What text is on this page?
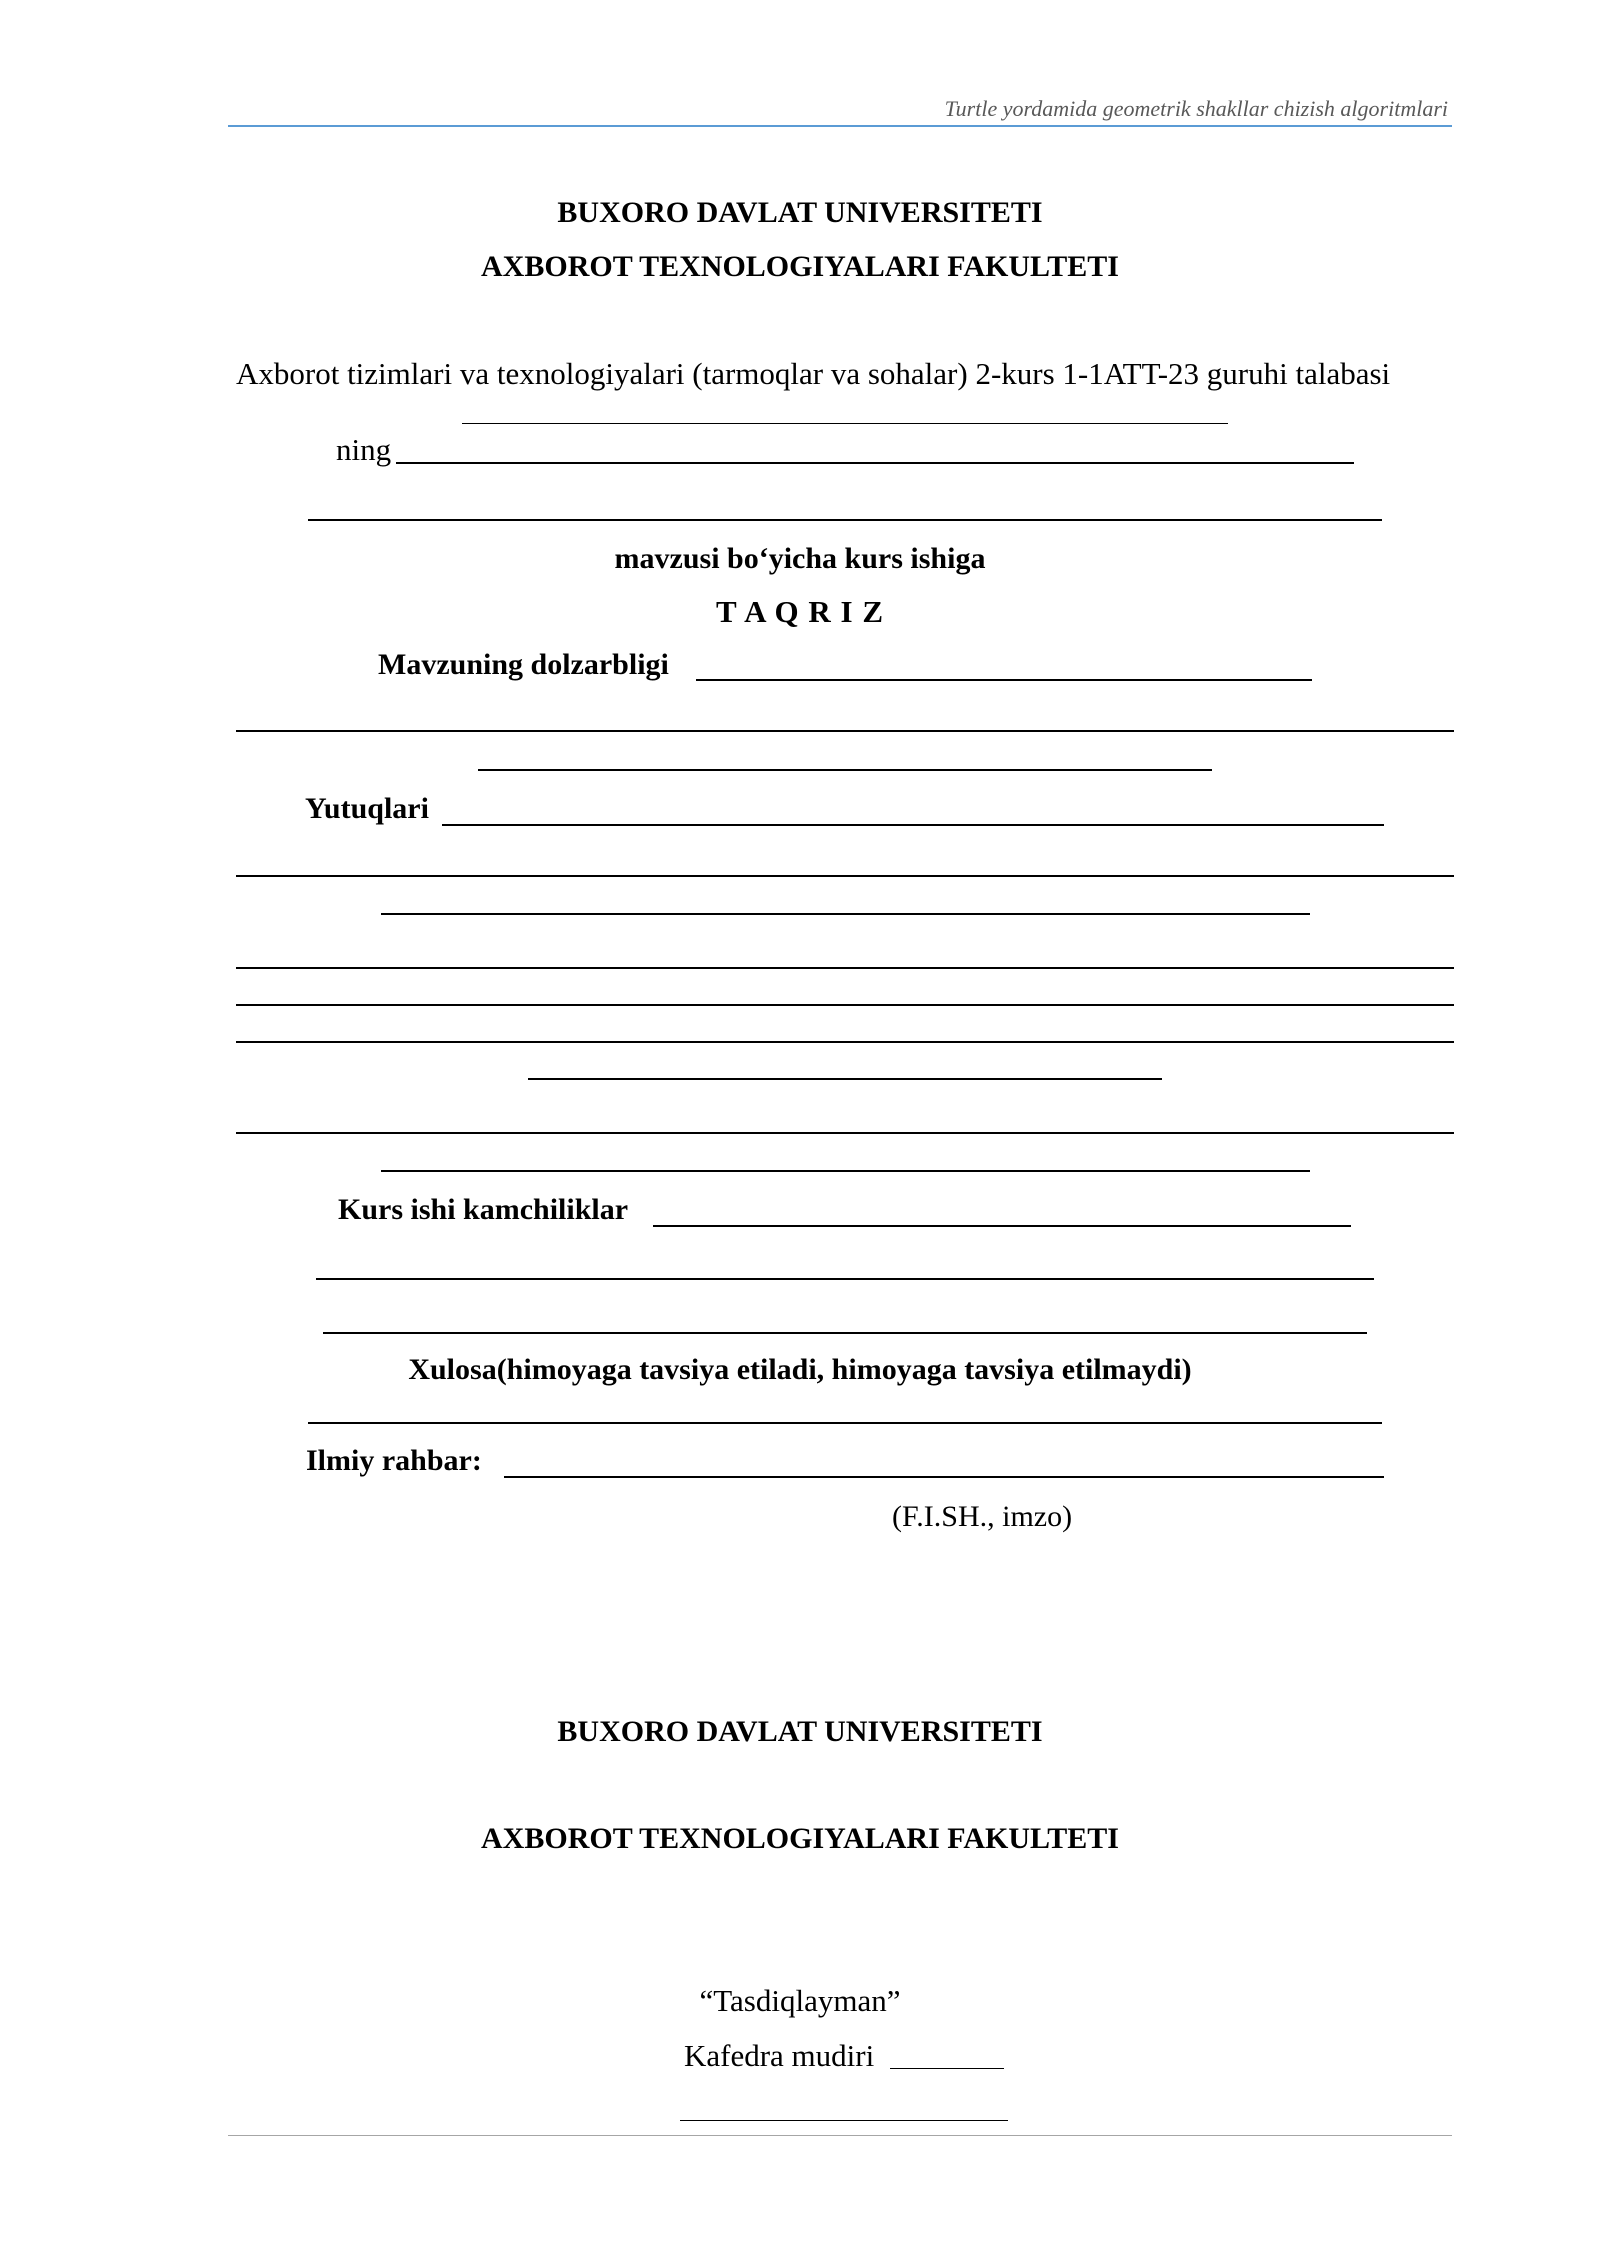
Turtle yordamida geometrik shakllar chizish algoritmlari
BUXORO DAVLAT UNIVERSITETI
AXBOROT TEXNOLOGIYALARI FAKULTETI
Axborot tizimlari va texnologiyalari (tarmoqlar va sohalar) 2-kurs 1-1ATT-23 guruhi talabasi
ning
mavzusi bo‘yicha kurs ishiga
T A Q R I Z
Mavzuning dolzarbligi
Yutuqlari
Kurs ishi kamchiliklar
Xulosa(himoyaga tavsiya etiladi, himoyaga tavsiya etilmaydi)
Ilmiy rahbar:
(F.I.SH., imzo)
BUXORO DAVLAT UNIVERSITETI
AXBOROT TEXNOLOGIYALARI FAKULTETI
“Tasdiqlayman”
Kafedra mudiri
